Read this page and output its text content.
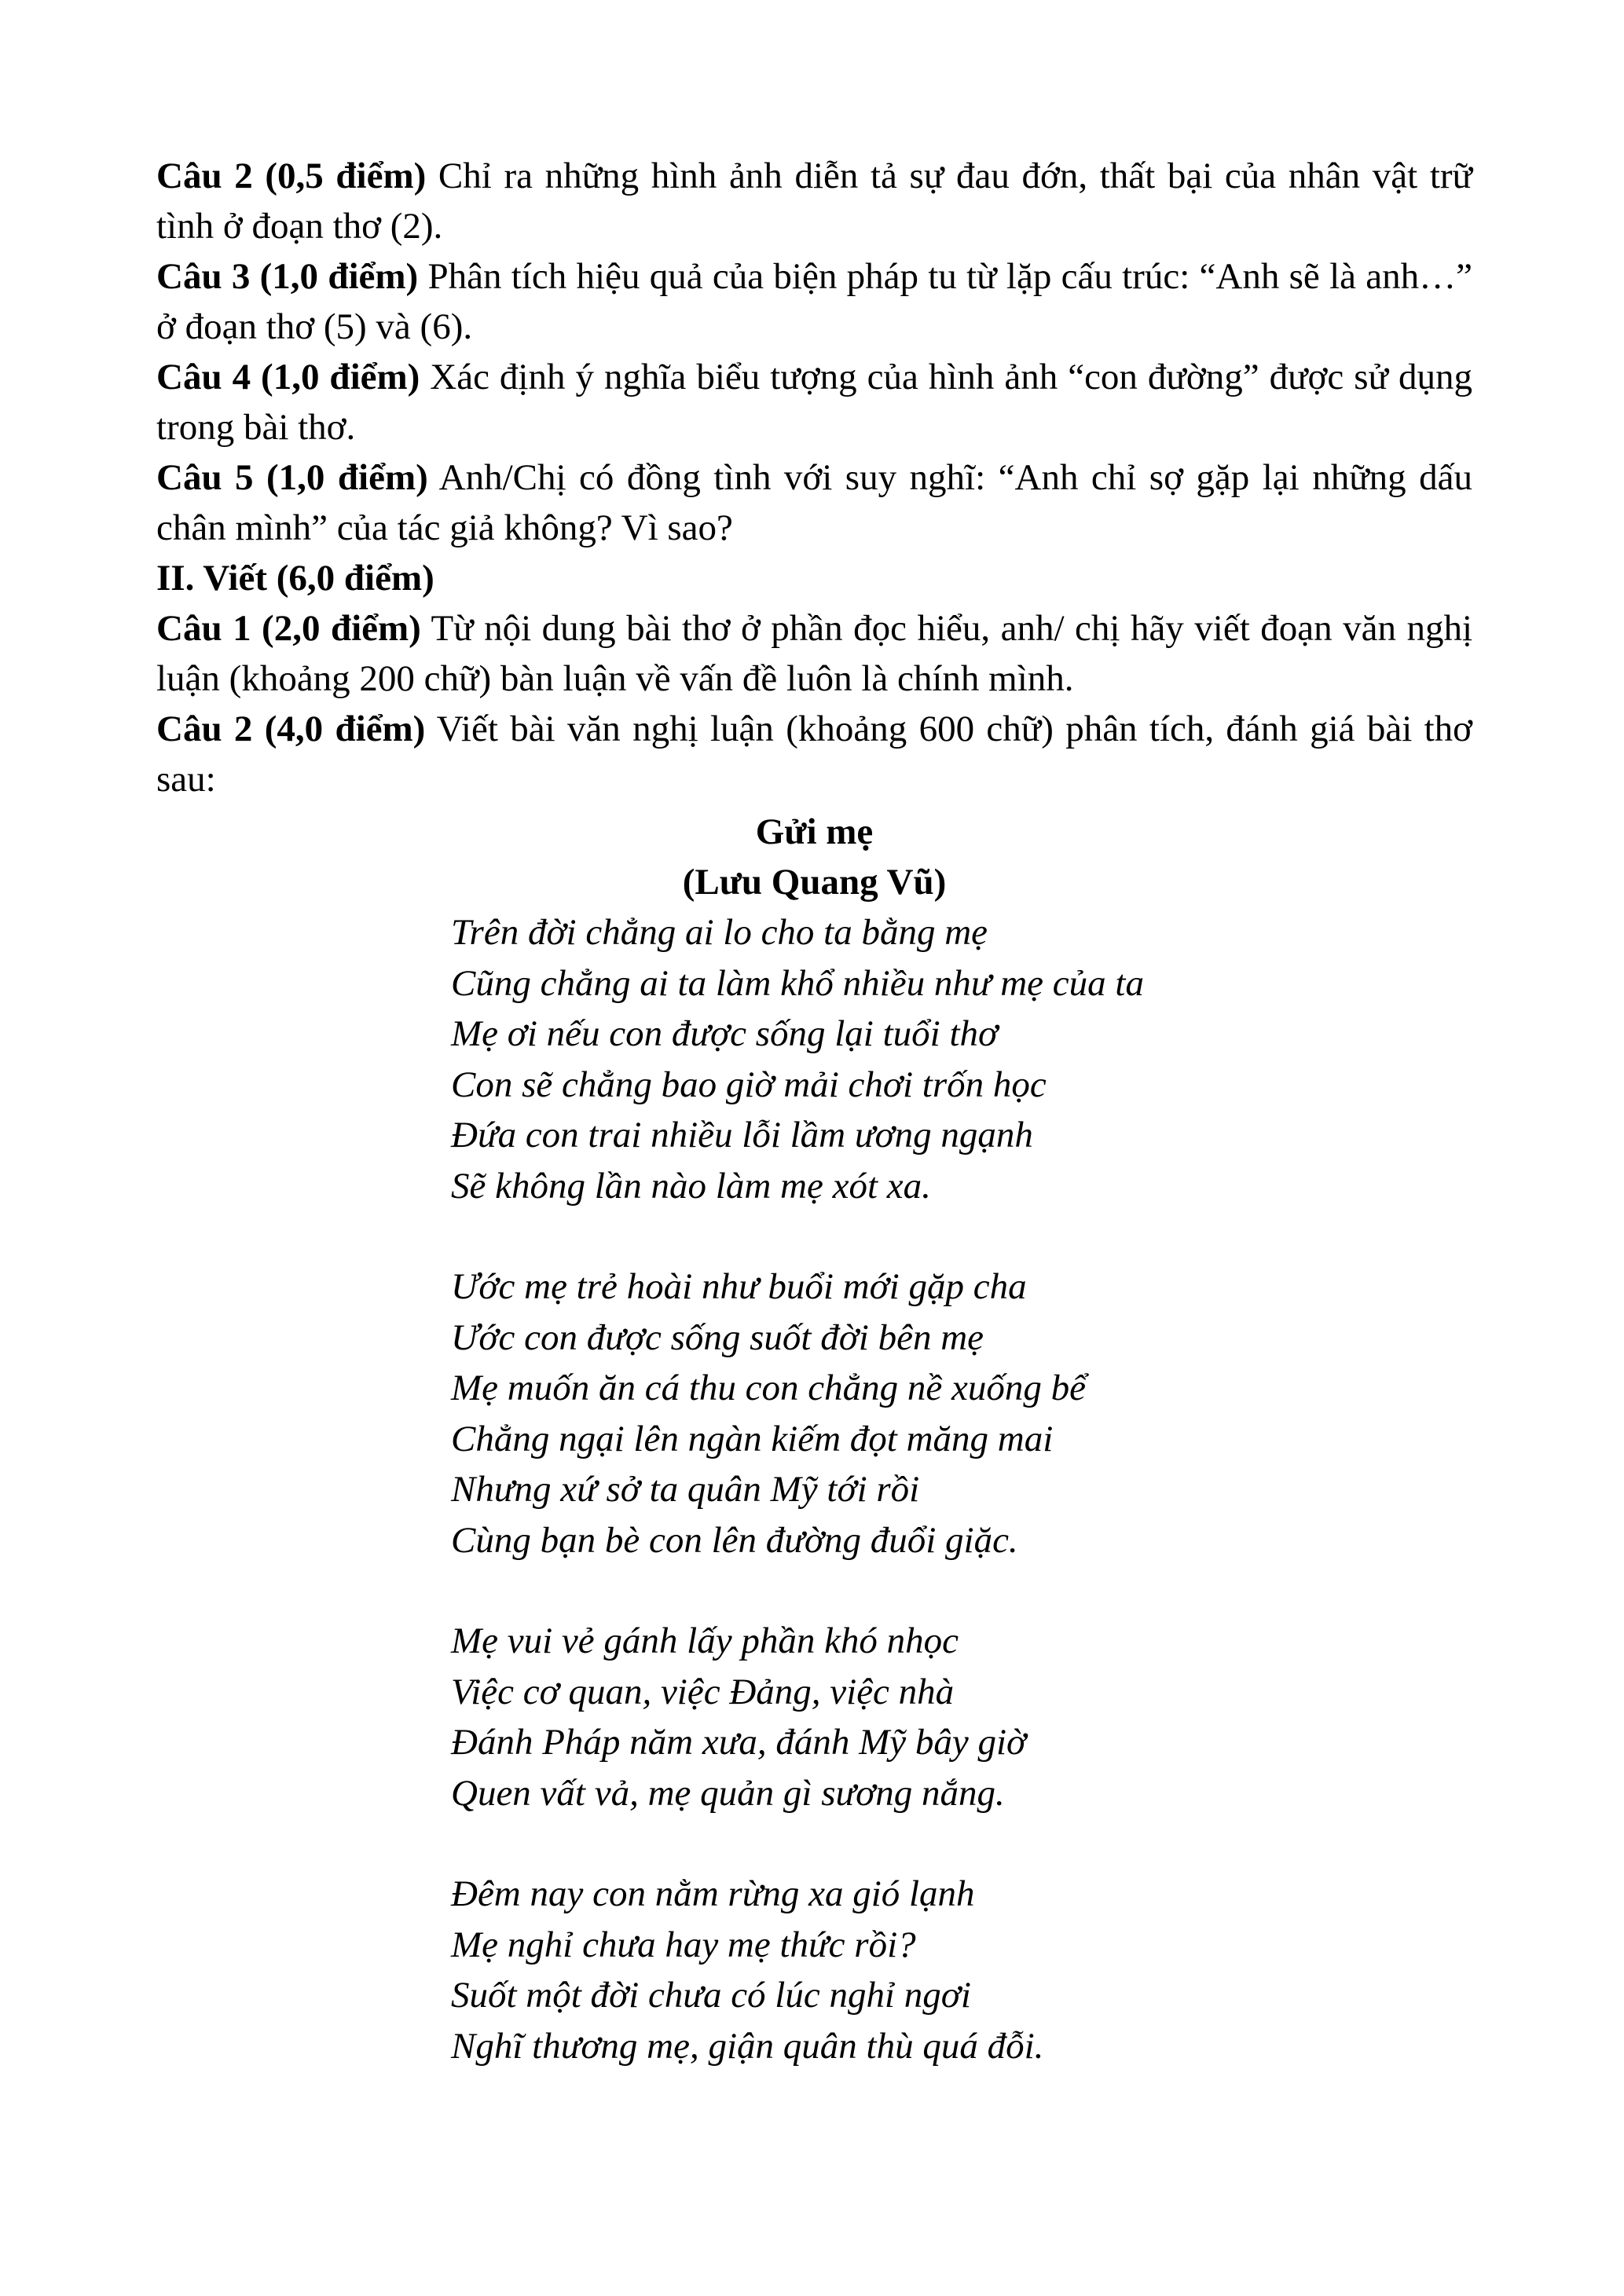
Câu 2 (0,5 điểm) Chỉ ra những hình ảnh diễn tả sự đau đớn, thất bại của nhân vật trữ tình ở đoạn thơ (2).

Câu 3 (1,0 điểm) Phân tích hiệu quả của biện pháp tu từ lặp cấu trúc: “Anh sẽ là anh…” ở đoạn thơ (5) và (6).

Câu 4 (1,0 điểm) Xác định ý nghĩa biểu tượng của hình ảnh “con đường” được sử dụng trong bài thơ.

Câu 5 (1,0 điểm) Anh/Chị có đồng tình với suy nghĩ: “Anh chỉ sợ gặp lại những dấu chân mình” của tác giả không? Vì sao?

II. Viết (6,0 điểm)

Câu 1 (2,0 điểm) Từ nội dung bài thơ ở phần đọc hiểu, anh/ chị hãy viết đoạn văn nghị luận (khoảng 200 chữ) bàn luận về vấn đề luôn là chính mình.

Câu 2 (4,0 điểm) Viết bài văn nghị luận (khoảng 600 chữ) phân tích, đánh giá bài thơ sau:

Gửi mẹ

(Lưu Quang Vũ)

Trên đời chẳng ai lo cho ta bằng mẹ
Cũng chẳng ai ta làm khổ nhiều như mẹ của ta
Mẹ ơi nếu con được sống lại tuổi thơ
Con sẽ chẳng bao giờ mải chơi trốn học
Đứa con trai nhiều lỗi lầm ương ngạnh
Sẽ không lần nào làm mẹ xót xa.
Ước mẹ trẻ hoài như buổi mới gặp cha
Ước con được sống suốt đời bên mẹ
Mẹ muốn ăn cá thu con chẳng nề xuống bể
Chẳng ngại lên ngàn kiếm đọt măng mai
Nhưng xứ sở ta quân Mỹ tới rồi
Cùng bạn bè con lên đường đuổi giặc.
Mẹ vui vẻ gánh lấy phần khó nhọc
Việc cơ quan, việc Đảng, việc nhà
Đánh Pháp năm xưa, đánh Mỹ bây giờ
Quen vất vả, mẹ quản gì sương nắng.
Đêm nay con nằm rừng xa gió lạnh
Mẹ nghỉ chưa hay mẹ thức rồi?
Suốt một đời chưa có lúc nghỉ ngơi
Nghĩ thương mẹ, giận quân thù quá đỗi.
